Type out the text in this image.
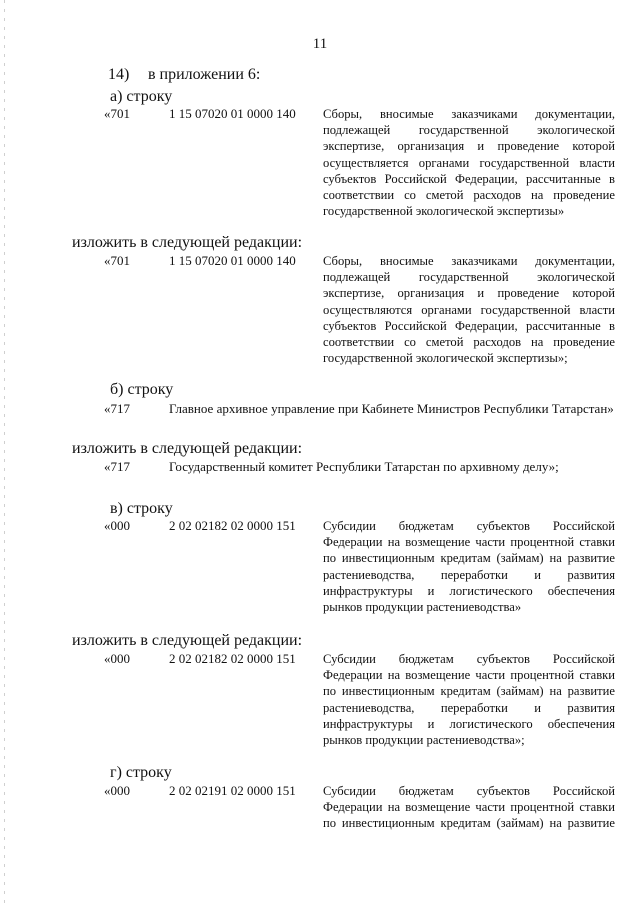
11
14) в приложении 6:
а) строку
«701	1 15 07020 01 0000 140 Сборы, вносимые заказчиками документации,
подлежащей государственной экологической
экспертизе, организация и проведение которой
осуществляется органами государственной власти
субъектов Российской Федерации, рассчитанные в
соответствии со сметой расходов на проведение
государственной экологической экспертизы»
изложить в следующей редакции:
«701	1 15 07020 01 0000 140 Сборы, вносимые заказчиками документации,
подлежащей государственной экологической
экспертизе, организация и проведение которой
осуществляются органами государственной власти
субъектов Российской Федерации, рассчитанные в
соответствии со сметой расходов на проведение
государственной экологической экспертизы»;
б) строку
«717	Главное архивное управление при Кабинете Министров Республики Татарстан»
изложить в следующей редакции:
«717	Государственный комитет Республики Татарстан по архивному делу»;
в) строку
«000	2 02 02182 02 0000 151 Субсидии бюджетам субъектов Российской
Федерации на возмещение части процентной ставки
по инвестиционным кредитам (займам) на развитие
растениеводства, переработки и развития
инфраструктуры и логистического обеспечения
рынков продукции растениеводства»
изложить в следующей редакции:
«000	2 02 02182 02 0000 151 Субсидии бюджетам субъектов Российской
Федерации на возмещение части процентной ставки
по инвестиционным кредитам (займам) на развитие
растениеводства, переработки и развития
инфраструктуры и логистического обеспечения
рынков продукции растениеводства»;
г) строку
«000	2 02 02191 02 0000 151 Субсидии бюджетам субъектов Российской
Федерации на возмещение части процентной ставки
по инвестиционным кредитам (займам) на развитие
